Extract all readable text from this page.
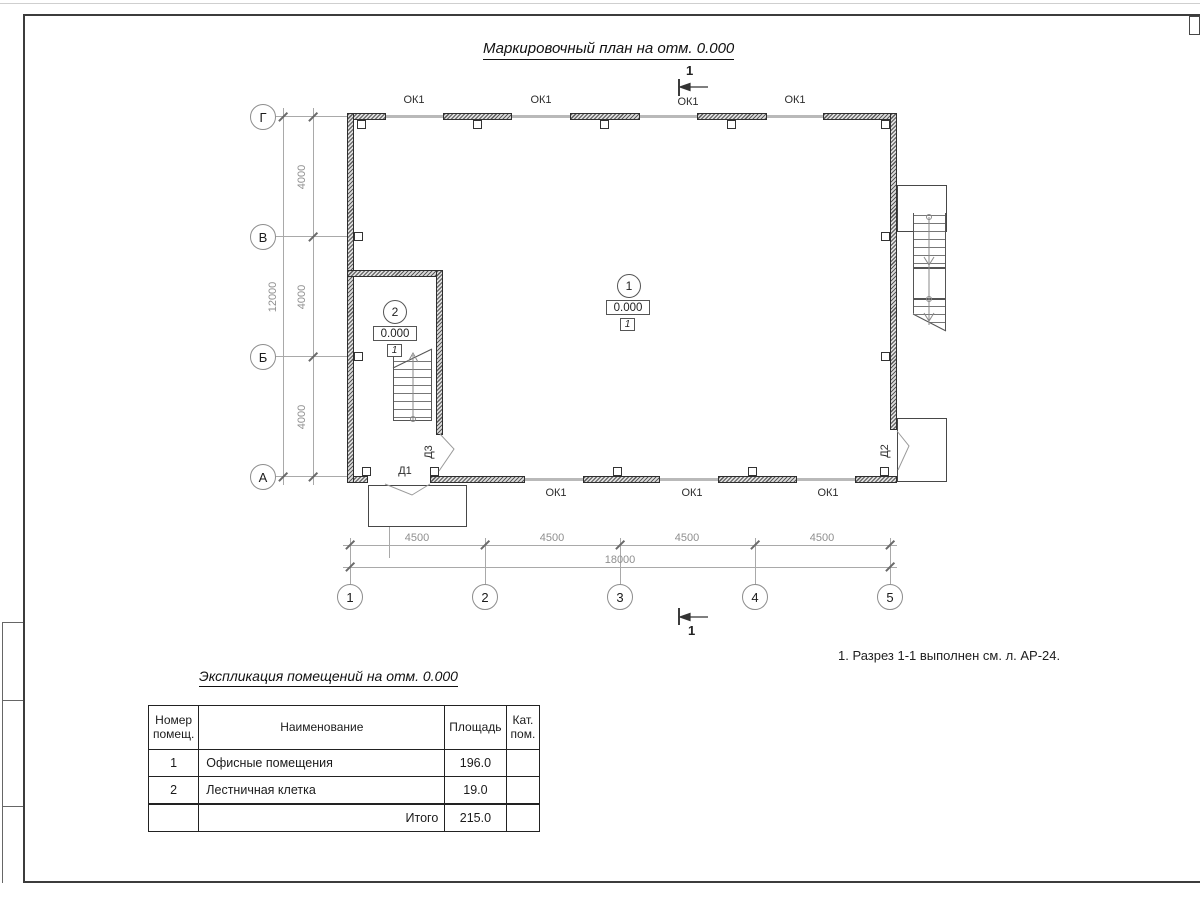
Маркировочный план на отм. 0.000
1
1
ОК1	ОК1	ОК1	ОК1
ОК1	ОК1	ОК1
Д1
Д3	Д2
2
0.000
1
1
0.000
1
Г
В
Б
А
4000
4000
4000
12000
4500	4500	4500	4500
18000
1	2	3	4	5
1. Разрез 1-1 выполнен см. л. АР-24.
Экспликация помещений на отм. 0.000
Номер помещ.	Наименование	Площадь	Кат. пом.
1	Офисные помещения	196.0	
2	Лестничная клетка	19.0	
	Итого	215.0	
